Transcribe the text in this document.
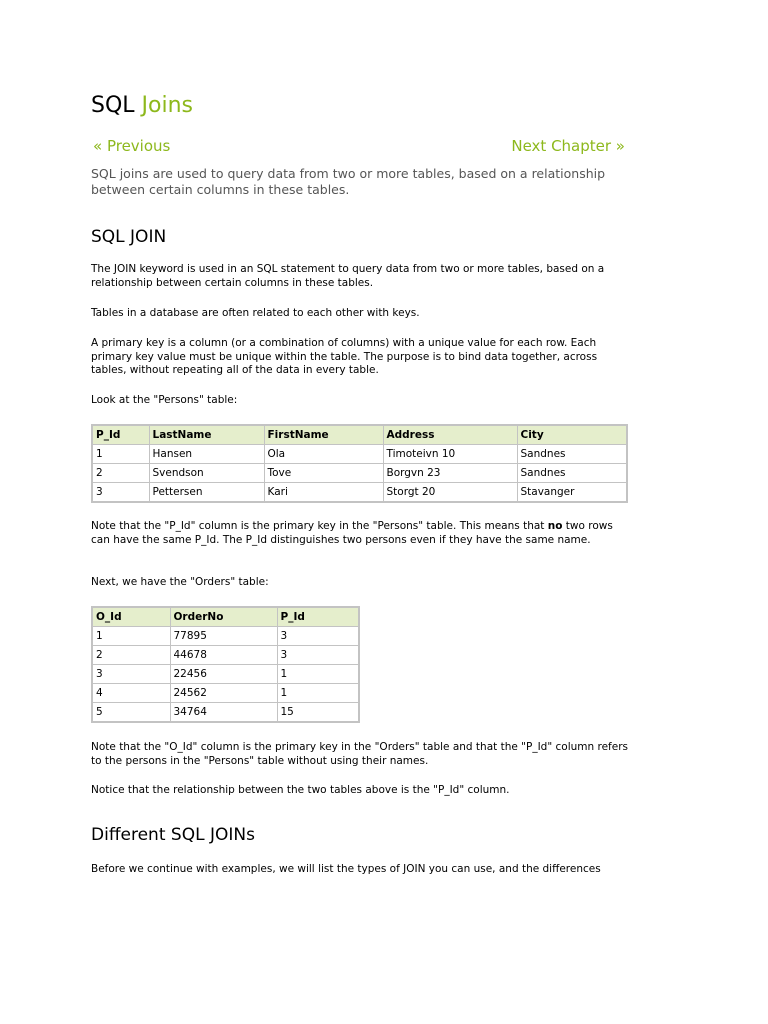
SQL Joins
« Previous	Next Chapter »

SQL joins are used to query data from two or more tables, based on a relationship between certain columns in these tables.

SQL JOIN

The JOIN keyword is used in an SQL statement to query data from two or more tables, based on a relationship between certain columns in these tables.

Tables in a database are often related to each other with keys.

A primary key is a column (or a combination of columns) with a unique value for each row. Each primary key value must be unique within the table. The purpose is to bind data together, across tables, without repeating all of the data in every table.

Look at the "Persons" table:

P_Id	LastName	FirstName	Address	City
1	Hansen	Ola	Timoteivn 10	Sandnes
2	Svendson	Tove	Borgvn 23	Sandnes
3	Pettersen	Kari	Storgt 20	Stavanger

Note that the "P_Id" column is the primary key in the "Persons" table. This means that no two rows can have the same P_Id. The P_Id distinguishes two persons even if they have the same name.

Next, we have the "Orders" table:

O_Id	OrderNo	P_Id
1	77895	3
2	44678	3
3	22456	1
4	24562	1
5	34764	15

Note that the "O_Id" column is the primary key in the "Orders" table and that the "P_Id" column refers to the persons in the "Persons" table without using their names.

Notice that the relationship between the two tables above is the "P_Id" column.

Different SQL JOINs

Before we continue with examples, we will list the types of JOIN you can use, and the differences
